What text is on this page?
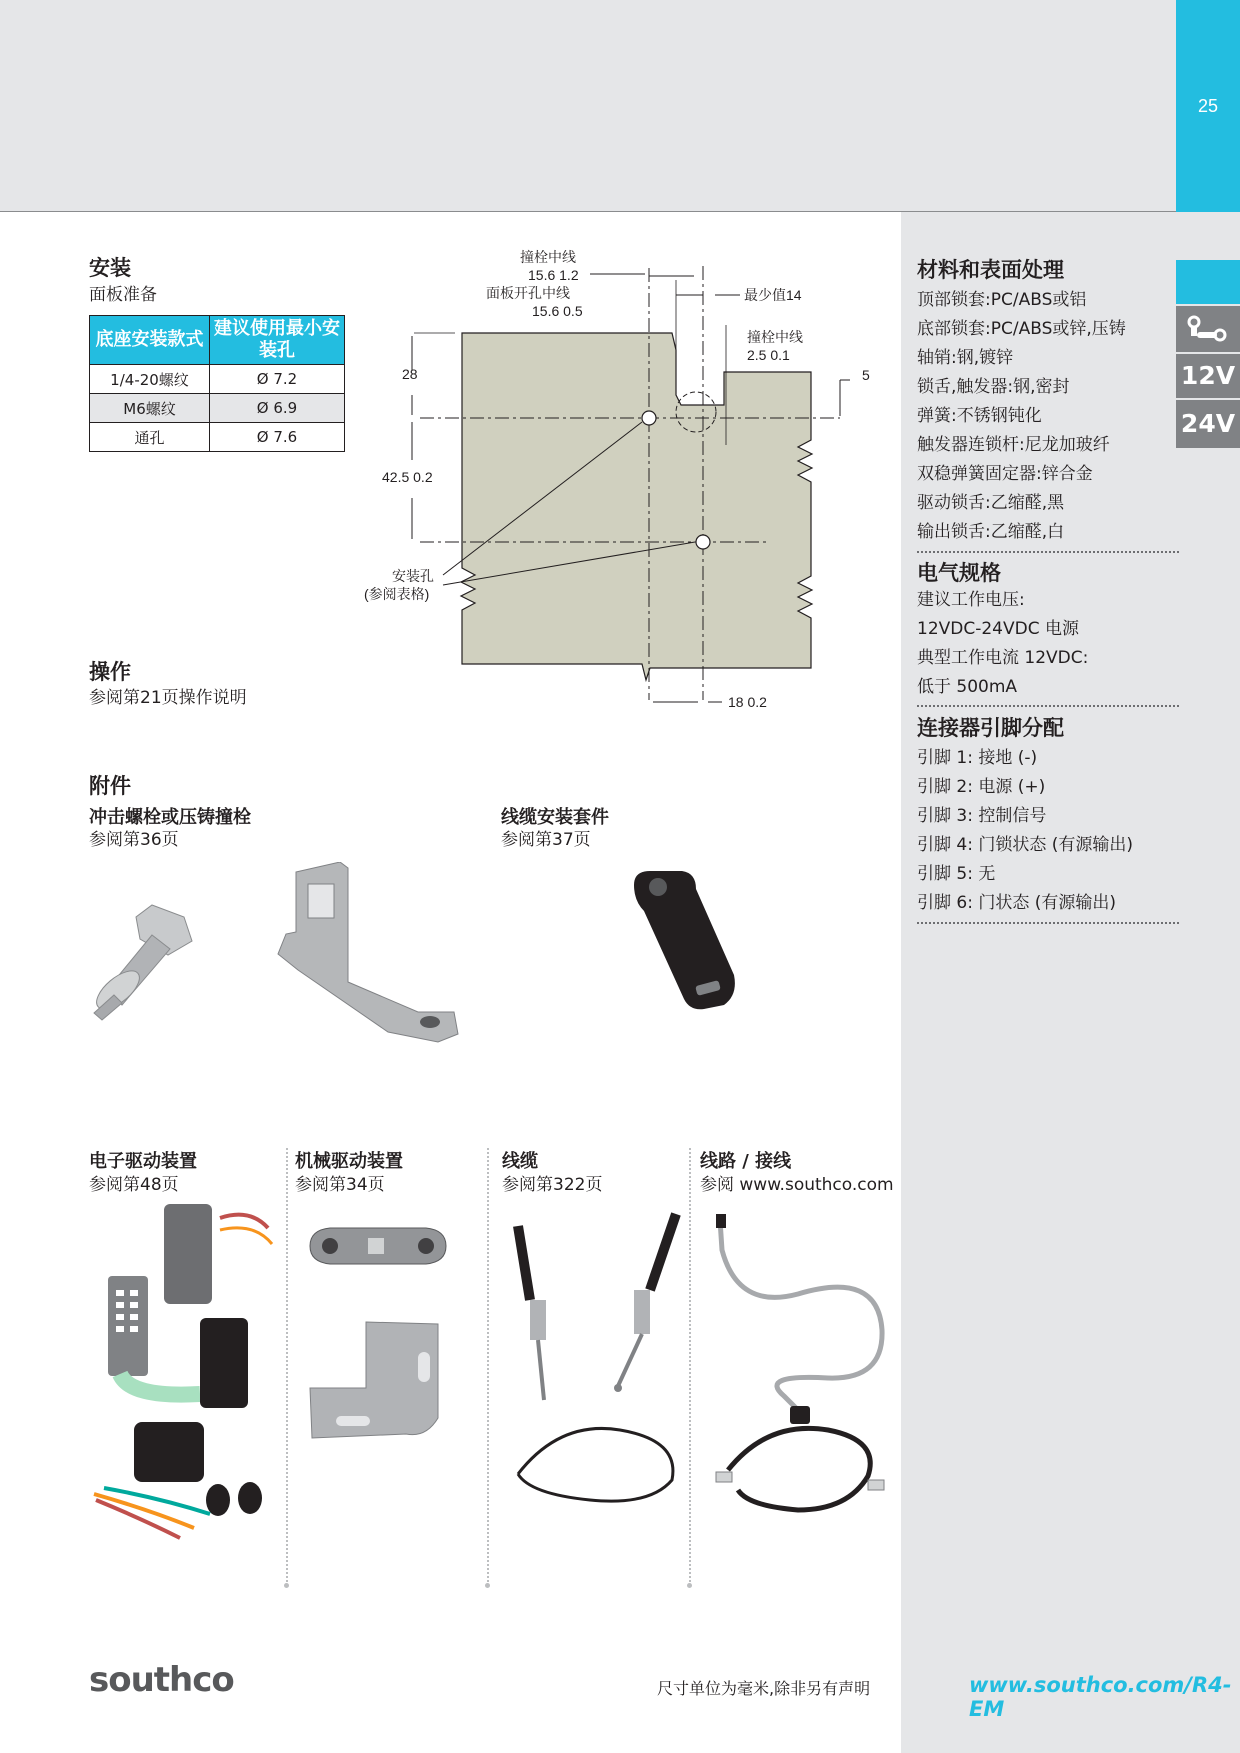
25
12V
24V
安装
面板准备
底座安装款式	建议使用最小安装孔
1/4-20螺纹	Ø 7.2
M6螺纹	Ø 6.9
通孔	Ø 7.6
撞栓中线
15.6 1.2
面板开孔中线
15.6 0.5
最少值14
撞栓中线
2.5 0.1
28	5
42.5 0.2
安装孔
(参阅表格)
18 0.2
操作
参阅第21页操作说明
附件
冲击螺栓或压铸撞栓
参阅第36页
线缆安装套件
参阅第37页
电子驱动装置
参阅第48页
机械驱动装置
参阅第34页
线缆
参阅第322页
线路 / 接线
参阅 www.southco.com
材料和表面处理
顶部锁套:PC/ABS或铝
底部锁套:PC/ABS或锌,压铸
轴销:钢,镀锌
锁舌,触发器:钢,密封
弹簧:不锈钢钝化
触发器连锁杆:尼龙加玻纤
双稳弹簧固定器:锌合金
驱动锁舌:乙缩醛,黑
输出锁舌:乙缩醛,白
电气规格
建议工作电压:
12VDC-24VDC 电源
典型工作电流 12VDC:
低于 500mA
连接器引脚分配
引脚 1: 接地 (-)
引脚 2: 电源 (+)
引脚 3: 控制信号
引脚 4: 门锁状态 (有源输出)
引脚 5: 无
引脚 6: 门状态 (有源输出)
southco	尺寸单位为毫米,除非另有声明	www.southco.com/R4-EM
